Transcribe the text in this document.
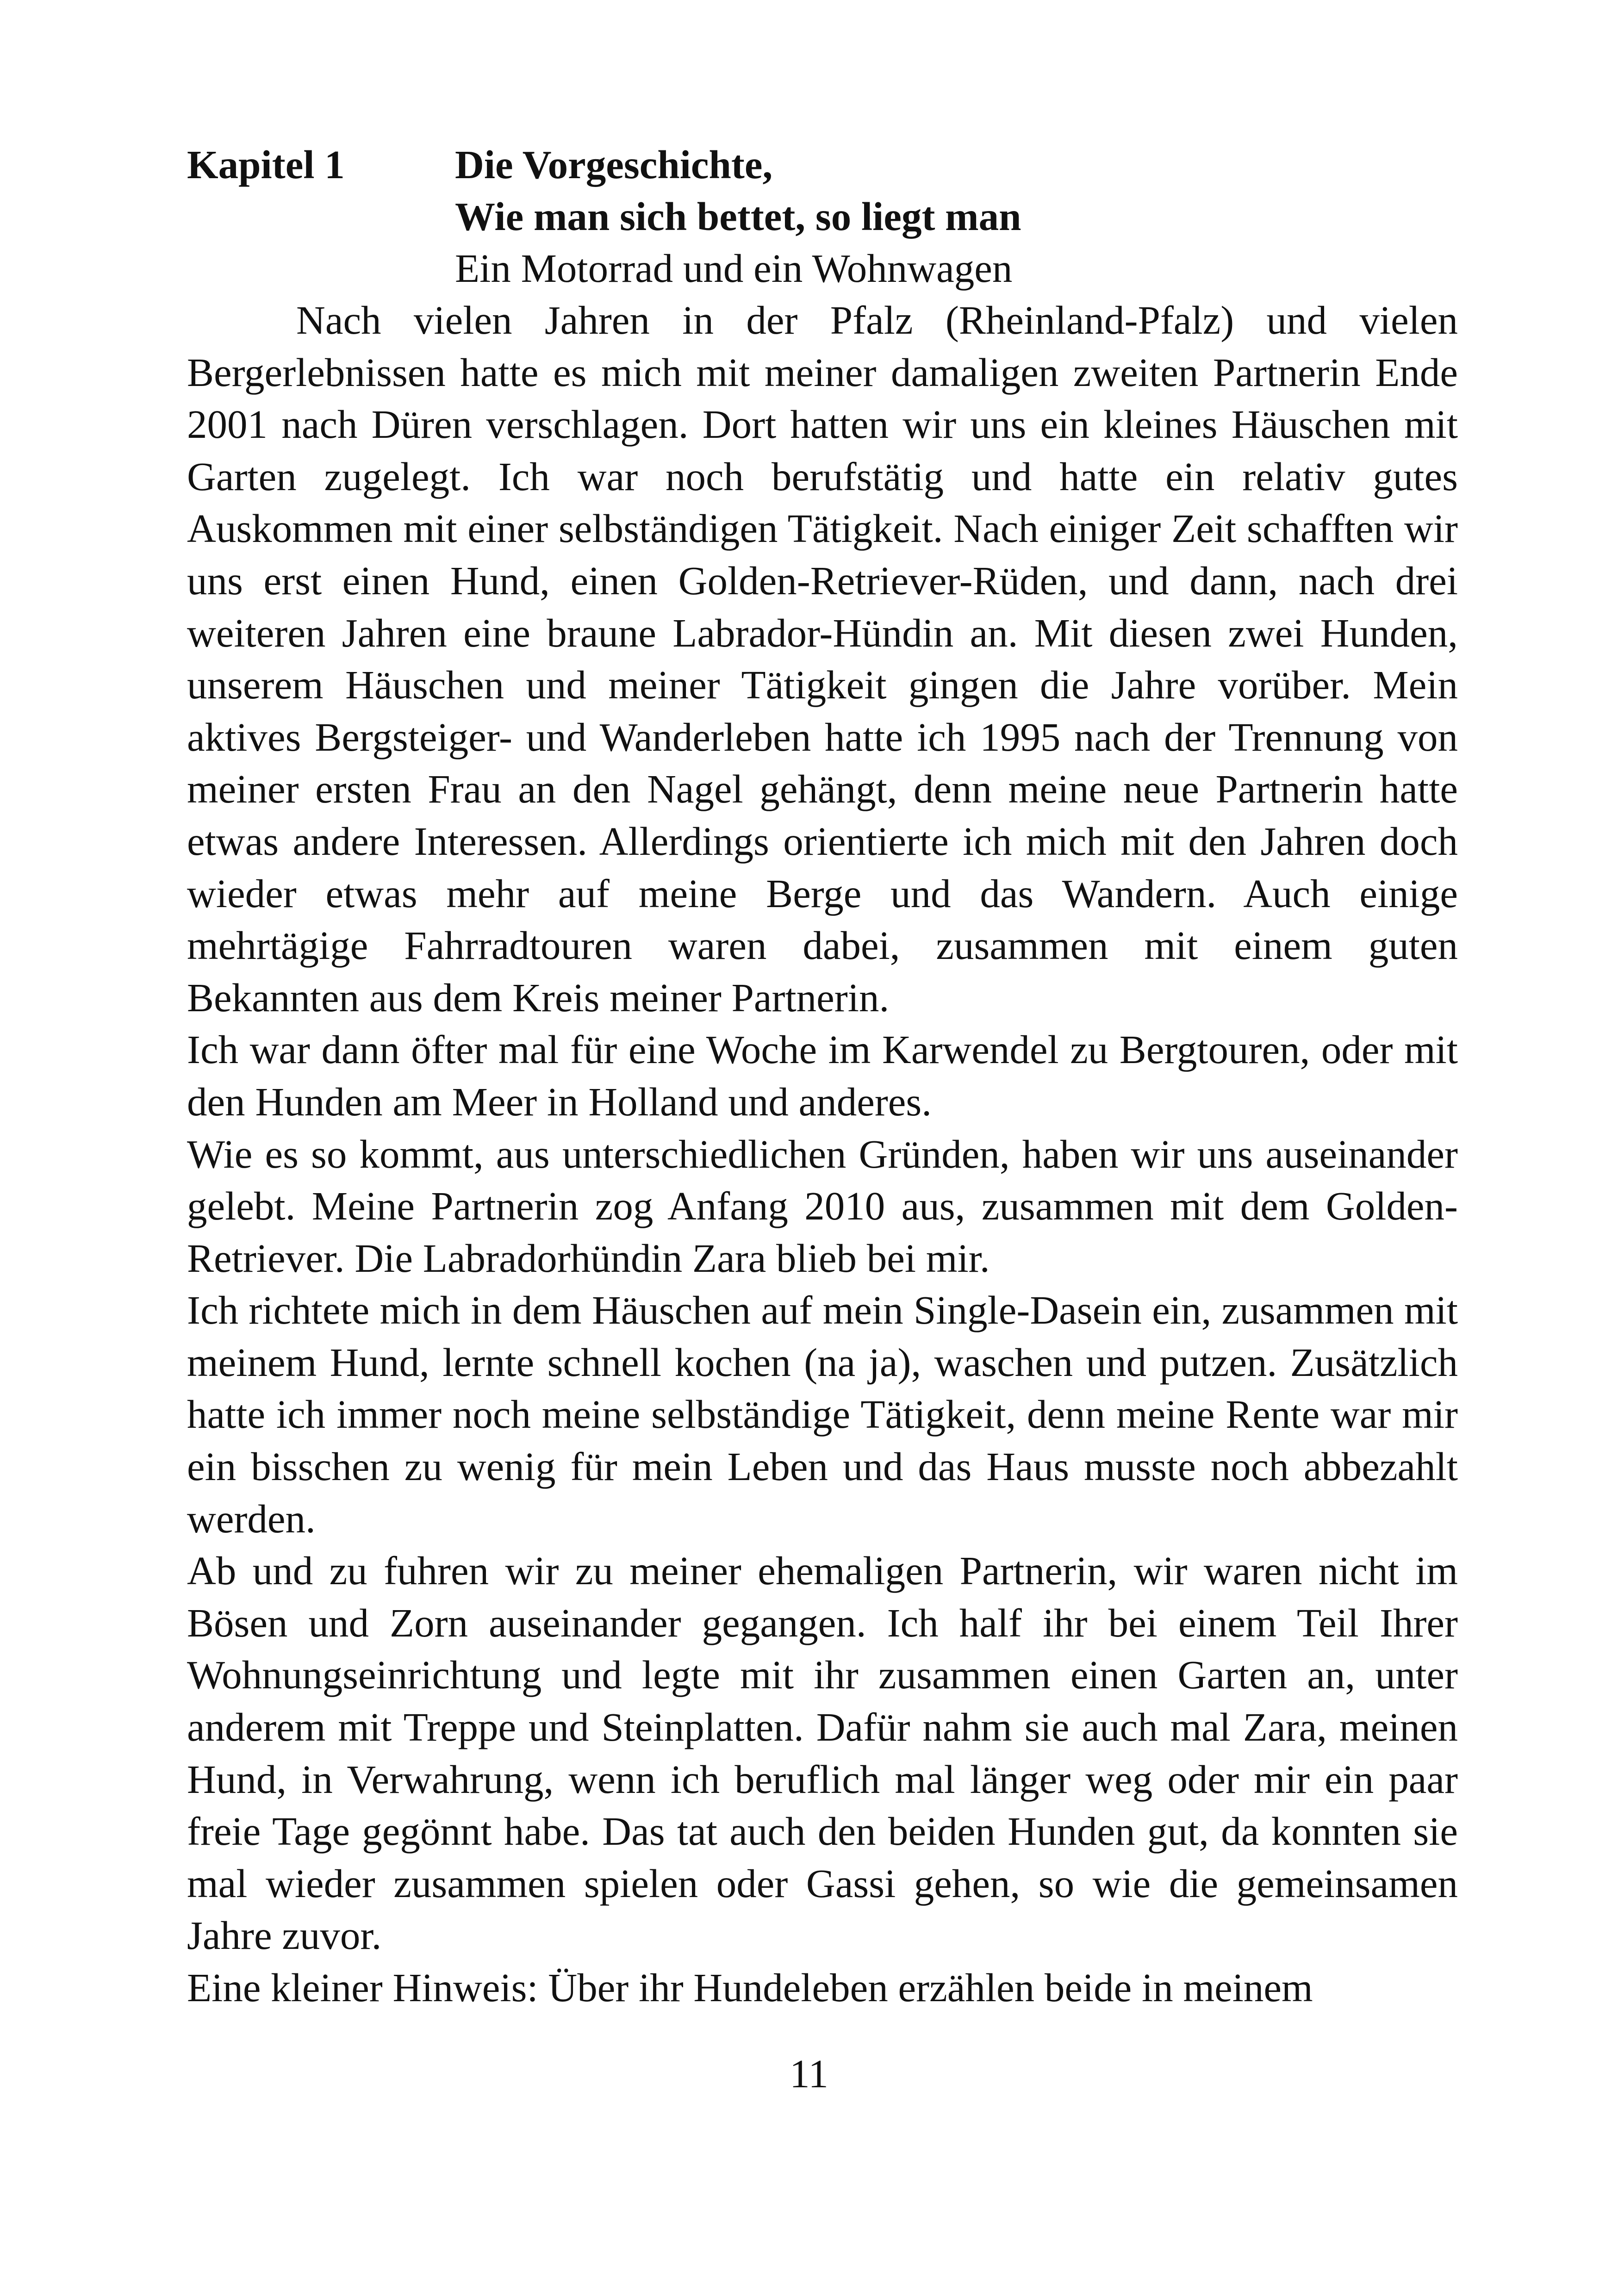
Kapitel 1	Die Vorgeschichte,
Wie man sich bettet, so liegt man
Ein Motorrad und ein Wohnwagen

Nach vielen Jahren in der Pfalz (Rheinland-Pfalz) und vielen Bergerlebnissen hatte es mich mit meiner damaligen zweiten Partnerin Ende 2001 nach Düren verschlagen. Dort hatten wir uns ein kleines Häuschen mit Garten zugelegt. Ich war noch berufstätig und hatte ein relativ gutes Auskommen mit einer selbständigen Tätigkeit. Nach einiger Zeit schafften wir uns erst einen Hund, einen Golden-Retriever-Rüden, und dann, nach drei weiteren Jahren eine braune Labrador-Hündin an. Mit diesen zwei Hunden, unserem Häuschen und meiner Tätigkeit gingen die Jahre vorüber. Mein aktives Bergsteiger- und Wanderleben hatte ich 1995 nach der Trennung von meiner ersten Frau an den Nagel gehängt, denn meine neue Partnerin hatte etwas andere Interessen. Allerdings orientierte ich mich mit den Jahren doch wieder etwas mehr auf meine Berge und das Wandern. Auch einige mehrtägige Fahrradtouren waren dabei, zusammen mit einem guten Bekannten aus dem Kreis meiner Partnerin.

Ich war dann öfter mal für eine Woche im Karwendel zu Bergtouren, oder mit den Hunden am Meer in Holland und anderes.

Wie es so kommt, aus unterschiedlichen Gründen, haben wir uns auseinander gelebt. Meine Partnerin zog Anfang 2010 aus, zusammen mit dem Golden-Retriever. Die Labradorhündin Zara blieb bei mir.

Ich richtete mich in dem Häuschen auf mein Single-Dasein ein, zusammen mit meinem Hund, lernte schnell kochen (na ja), waschen und putzen. Zusätzlich hatte ich immer noch meine selbständige Tätigkeit, denn meine Rente war mir ein bisschen zu wenig für mein Leben und das Haus musste noch abbezahlt werden.

Ab und zu fuhren wir zu meiner ehemaligen Partnerin, wir waren nicht im Bösen und Zorn auseinander gegangen. Ich half ihr bei einem Teil Ihrer Wohnungseinrichtung und legte mit ihr zusammen einen Garten an, unter anderem mit Treppe und Steinplatten. Dafür nahm sie auch mal Zara, meinen Hund, in Verwahrung, wenn ich beruflich mal länger weg oder mir ein paar freie Tage gegönnt habe. Das tat auch den beiden Hunden gut, da konnten sie mal wieder zusammen spielen oder Gassi gehen, so wie die gemeinsamen Jahre zuvor.

Eine kleiner Hinweis: Über ihr Hundeleben erzählen beide in meinem

11
